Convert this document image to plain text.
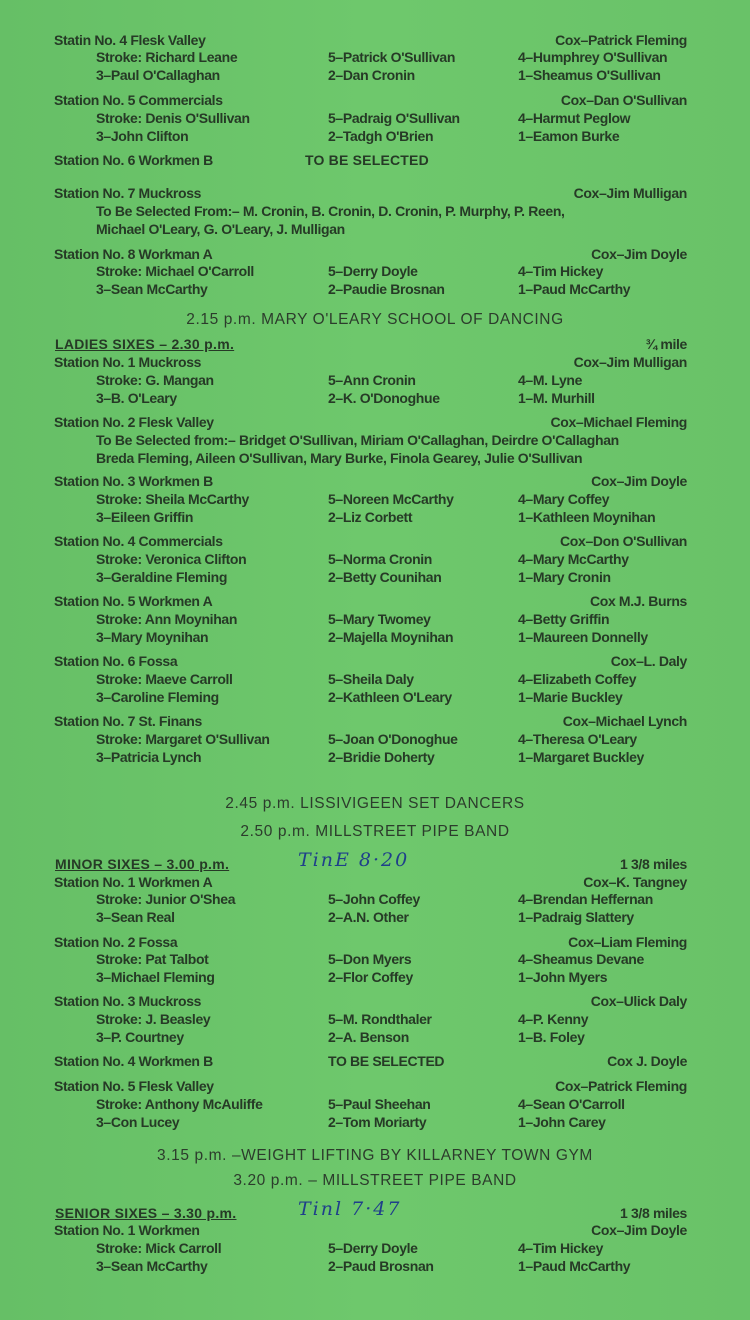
Statin No. 4 Flesk Valley	Cox–Patrick Fleming
Stroke: Richard Leane	5–Patrick O'Sullivan	4–Humphrey O'Sullivan
3–Paul O'Callaghan	2–Dan Cronin	1–Sheamus O'Sullivan
Station No. 5 Commercials	Cox–Dan O'Sullivan
Stroke: Denis O'Sullivan	5–Padraig O'Sullivan	4–Harmut Peglow
3–John Clifton	2–Tadgh O'Brien	1–Eamon Burke
Station No. 6 Workmen B	TO BE SELECTED
Station No. 7 Muckross	Cox–Jim Mulligan
To Be Selected From:– M. Cronin, B. Cronin, D. Cronin, P. Murphy, P. Reen,
Michael O'Leary, G. O'Leary, J. Mulligan
Station No. 8 Workman A	Cox–Jim Doyle
Stroke: Michael O'Carroll	5–Derry Doyle	4–Tim Hickey
3–Sean McCarthy	2–Paudie Brosnan	1–Paud McCarthy
2.15 p.m. MARY O'LEARY SCHOOL OF DANCING
LADIES SIXES – 2.30 p.m.	¾ mile
Station No. 1 Muckross	Cox–Jim Mulligan
Stroke: G. Mangan	5–Ann Cronin	4–M. Lyne
3–B. O'Leary	2–K. O'Donoghue	1–M. Murhill
Station No. 2 Flesk Valley	Cox–Michael Fleming
To Be Selected from:– Bridget O'Sullivan, Miriam O'Callaghan, Deirdre O'Callaghan
Breda Fleming, Aileen O'Sullivan, Mary Burke, Finola Gearey, Julie O'Sullivan
Station No. 3 Workmen B	Cox–Jim Doyle
Stroke: Sheila McCarthy	5–Noreen McCarthy	4–Mary Coffey
3–Eileen Griffin	2–Liz Corbett	1–Kathleen Moynihan
Station No. 4 Commercials	Cox–Don O'Sullivan
Stroke: Veronica Clifton	5–Norma Cronin	4–Mary McCarthy
3–Geraldine Fleming	2–Betty Counihan	1–Mary Cronin
Station No. 5 Workmen A	Cox M.J. Burns
Stroke: Ann Moynihan	5–Mary Twomey	4–Betty Griffin
3–Mary Moynihan	2–Majella Moynihan	1–Maureen Donnelly
Station No. 6 Fossa	Cox–L. Daly
Stroke: Maeve Carroll	5–Sheila Daly	4–Elizabeth Coffey
3–Caroline Fleming	2–Kathleen O'Leary	1–Marie Buckley
Station No. 7 St. Finans	Cox–Michael Lynch
Stroke: Margaret O'Sullivan	5–Joan O'Donoghue	4–Theresa O'Leary
3–Patricia Lynch	2–Bridie Doherty	1–Margaret Buckley
2.45 p.m. LISSIVIGEEN SET DANCERS
2.50 p.m. MILLSTREET PIPE BAND
MINOR SIXES – 3.00 p.m.	TinE 8·20	1 3/8 miles
Station No. 1 Workmen A	Cox–K. Tangney
Stroke: Junior O'Shea	5–John Coffey	4–Brendan Heffernan
3–Sean Real	2–A.N. Other	1–Padraig Slattery
Station No. 2 Fossa	Cox–Liam Fleming
Stroke: Pat Talbot	5–Don Myers	4–Sheamus Devane
3–Michael Fleming	2–Flor Coffey	1–John Myers
Station No. 3 Muckross	Cox–Ulick Daly
Stroke: J. Beasley	5–M. Rondthaler	4–P. Kenny
3–P. Courtney	2–A. Benson	1–B. Foley
Station No. 4 Workmen B	TO BE SELECTED	Cox J. Doyle
Station No. 5 Flesk Valley	Cox–Patrick Fleming
Stroke: Anthony McAuliffe	5–Paul Sheehan	4–Sean O'Carroll
3–Con Lucey	2–Tom Moriarty	1–John Carey
3.15 p.m. –WEIGHT LIFTING BY KILLARNEY TOWN GYM
3.20 p.m. – MILLSTREET PIPE BAND
SENIOR SIXES – 3.30 p.m.	Tinl 7·47	1 3/8 miles
Station No. 1 Workmen	Cox–Jim Doyle
Stroke: Mick Carroll	5–Derry Doyle	4–Tim Hickey
3–Sean McCarthy	2–Paud Brosnan	1–Paud McCarthy
